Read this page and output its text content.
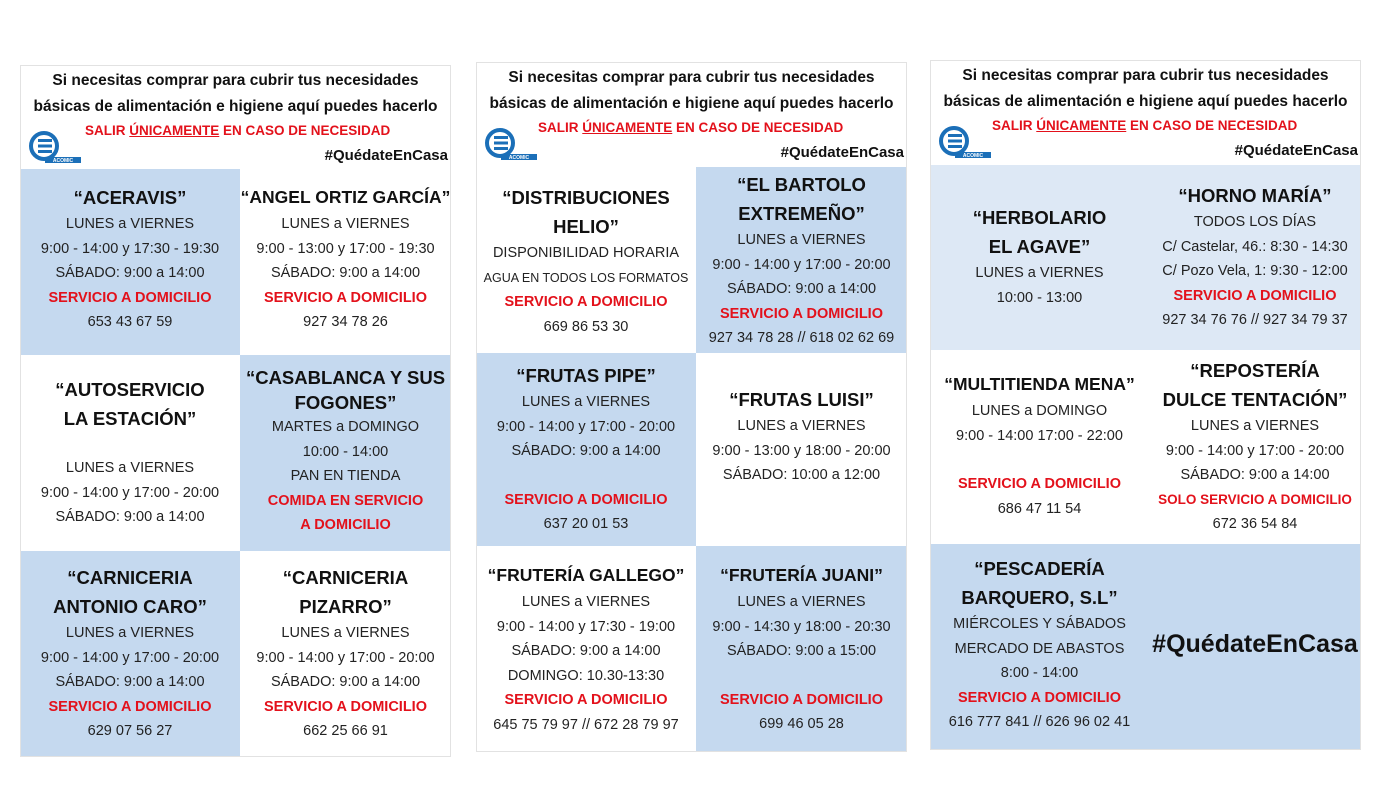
Si necesitas comprar para cubrir tus necesidades
básicas de alimentación e higiene aquí puedes hacerlo
SALIR ÚNICAMENTE EN CASO DE NECESIDAD
ACOMIC	#QuédateEnCasa
“ACERAVIS”
LUNES a VIERNES
9:00 - 14:00 y 17:30 - 19:30
SÁBADO: 9:00 a 14:00
SERVICIO A DOMICILIO
653 43 67 59
“ANGEL ORTIZ GARCÍA”
LUNES a VIERNES
9:00 - 13:00 y 17:00 - 19:30
SÁBADO: 9:00 a 14:00
SERVICIO A DOMICILIO
927 34 78 26
“AUTOSERVICIO
LA ESTACIÓN”
LUNES a VIERNES
9:00 - 14:00 y 17:00 - 20:00
SÁBADO: 9:00 a 14:00
“CASABLANCA Y SUS
FOGONES”
MARTES a DOMINGO
10:00 - 14:00
PAN EN TIENDA
COMIDA EN SERVICIO
A DOMICILIO
“CARNICERIA
ANTONIO CARO”
LUNES a VIERNES
9:00 - 14:00 y 17:00 - 20:00
SÁBADO: 9:00 a 14:00
SERVICIO A DOMICILIO
629 07 56 27
“CARNICERIA
PIZARRO”
LUNES a VIERNES
9:00 - 14:00 y 17:00 - 20:00
SÁBADO: 9:00 a 14:00
SERVICIO A DOMICILIO
662 25 66 91
Si necesitas comprar para cubrir tus necesidades
básicas de alimentación e higiene aquí puedes hacerlo
SALIR ÚNICAMENTE EN CASO DE NECESIDAD
ACOMIC	#QuédateEnCasa
“DISTRIBUCIONES
HELIO”
DISPONIBILIDAD HORARIA
AGUA EN TODOS LOS FORMATOS
SERVICIO A DOMICILIO
669 86 53 30
“EL BARTOLO
EXTREMEÑO”
LUNES a VIERNES
9:00 - 14:00 y 17:00 - 20:00
SÁBADO: 9:00 a 14:00
SERVICIO A DOMICILIO
927 34 78 28 // 618 02 62 69
“FRUTAS PIPE”
LUNES a VIERNES
9:00 - 14:00 y 17:00 - 20:00
SÁBADO: 9:00 a 14:00
SERVICIO A DOMICILIO
637 20 01 53
“FRUTAS LUISI”
LUNES a VIERNES
9:00 - 13:00 y 18:00 - 20:00
SÁBADO: 10:00 a 12:00
“FRUTERÍA GALLEGO”
LUNES a VIERNES
9:00 - 14:00 y 17:30 - 19:00
SÁBADO: 9:00 a 14:00
DOMINGO: 10.30-13:30
SERVICIO A DOMICILIO
645 75 79 97 // 672 28 79 97
“FRUTERÍA JUANI”
LUNES a VIERNES
9:00 - 14:30 y 18:00 - 20:30
SÁBADO: 9:00 a 15:00
SERVICIO A DOMICILIO
699 46 05 28
Si necesitas comprar para cubrir tus necesidades
básicas de alimentación e higiene aquí puedes hacerlo
SALIR ÚNICAMENTE EN CASO DE NECESIDAD
ACOMIC	#QuédateEnCasa
“HERBOLARIO
EL AGAVE”
LUNES a VIERNES
10:00 - 13:00
“HORNO MARÍA”
TODOS LOS DÍAS
C/ Castelar, 46.: 8:30 - 14:30
C/ Pozo Vela, 1: 9:30 - 12:00
SERVICIO A DOMICILIO
927 34 76 76 // 927 34 79 37
“MULTITIENDA MENA”
LUNES a DOMINGO
9:00 - 14:00 17:00 - 22:00
SERVICIO A DOMICILIO
686 47 11 54
“REPOSTERÍA
DULCE TENTACIÓN”
LUNES a VIERNES
9:00 - 14:00 y 17:00 - 20:00
SÁBADO: 9:00 a 14:00
SOLO SERVICIO A DOMICILIO
672 36 54 84
“PESCADERÍA
BARQUERO, S.L”
MIÉRCOLES Y SÁBADOS
MERCADO DE ABASTOS
8:00 - 14:00
SERVICIO A DOMICILIO
616 777 841 // 626 96 02 41
#QuédateEnCasa
